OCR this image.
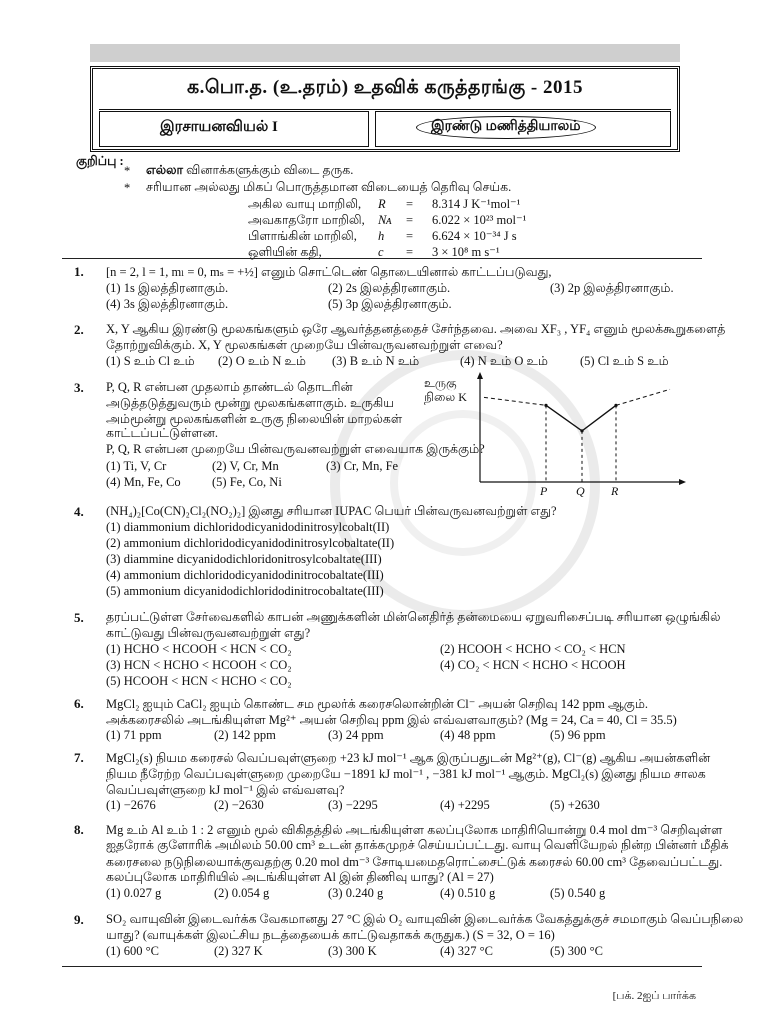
க.பொ.த. (உ.தரம்) உதவிக் கருத்தரங்கு - 2015
இரசாயனவியல் I	இரண்டு மணித்தியாலம்
குறிப்பு :
* எல்லா வினாக்களுக்கும் விடை தருக.
* சரியான அல்லது மிகப் பொருத்தமான விடையைத் தெரிவு செய்க.
அகில வாயு மாறிலி, R = 8.314 J K⁻¹mol⁻¹
அவகாதரோ மாறிலி, Nᴀ = 6.022 × 10²³ mol⁻¹
பிளாங்கின் மாறிலி, h = 6.624 × 10⁻³⁴ J s
ஒளியின் கதி,	c = 3 × 10⁸ m s⁻¹
1. [n = 2, l = 1, mₗ = 0, mₛ = +½] எனும் சொட்டெண் தொடையினால் காட்டப்படுவது,
(1) 1s இலத்திரனாகும்.	(2) 2s இலத்திரனாகும்.	(3) 2p இலத்திரனாகும்.
(4) 3s இலத்திரனாகும்.	(5) 3p இலத்திரனாகும்.
2. X, Y ஆகிய இரண்டு மூலகங்களும் ஒரே ஆவர்த்தனத்தைச் சேர்ந்தவை. அவை XF₃ , YF₄ எனும் மூலக்கூறுகளைத்
தோற்றுவிக்கும். X, Y மூலகங்கள் முறையே பின்வருவனவற்றுள் எவை?
(1) S உம் Cl உம் (2) O உம் N உம் (3) B உம் N உம்	(4) N உம் O உம்	(5) Cl உம் S உம்
3. P, Q, R என்பன முதலாம் தாண்டல் தொடரின்
அடுத்தடுத்துவரும் மூன்று மூலகங்களாகும். உருகிய
அம்மூன்று மூலகங்களின் உருகு நிலையின் மாறல்கள்
காட்டப்பட்டுள்ளன.
P, Q, R என்பன முறையே பின்வருவனவற்றுள் எவையாக இருக்கும்?
(1) Ti, V, Cr	(2) V, Cr, Mn	(3) Cr, Mn, Fe
(4) Mn, Fe, Co	(5) Fe, Co, Ni
உருகு
நிலை K
P Q R
4. (NH₄)₂[Co(CN)₂Cl₂(NO₂)₂] இனது சரியான IUPAC பெயர் பின்வருவனவற்றுள் எது?
(1) diammonium dichloridodicyanidodinitrosylcobalt(II)
(2) ammonium dichloridodicyanidodinitrosylcobaltate(II)
(3) diammine dicyanidodichloridonitrosylcobaltate(III)
(4) ammonium dichloridodicyanidodinitrocobaltate(III)
(5) ammonium dicyanidodichloridodinitrocobaltate(III)
5. தரப்பட்டுள்ள சேர்வைகளில் காபன் அணுக்களின் மின்னெதிர்த் தன்மையை ஏறுவரிசைப்படி சரியான ஒழுங்கில்
காட்டுவது பின்வருவனவற்றுள் எது?
(1) HCHO < HCOOH < HCN < CO₂	(2) HCOOH < HCHO < CO₂ < HCN
(3) HCN < HCHO < HCOOH < CO₂	(4) CO₂ < HCN < HCHO < HCOOH
(5) HCOOH < HCN < HCHO < CO₂
6. MgCl₂ ஐயும் CaCl₂ ஐயும் கொண்ட சம மூலர்க் கரைசலொன்றின் Cl⁻ அயன் செறிவு 142 ppm ஆகும்.
அக்கரைசலில் அடங்கியுள்ள Mg²⁺ அயன் செறிவு ppm இல் எவ்வளவாகும்? (Mg = 24, Ca = 40, Cl = 35.5)
(1) 71 ppm	(2) 142 ppm	(3) 24 ppm	(4) 48 ppm	(5) 96 ppm
7. MgCl₂(s) நியம கரைசல் வெப்பவுள்ளுறை +23 kJ mol⁻¹ ஆக இருப்பதுடன் Mg²⁺(g), Cl⁻(g) ஆகிய அயன்களின்
நியம நீரேற்ற வெப்பவுள்ளுறை முறையே −1891 kJ mol⁻¹ , −381 kJ mol⁻¹ ஆகும். MgCl₂(s) இனது நியம சாலக
வெப்பவுள்ளுறை kJ mol⁻¹ இல் எவ்வளவு?
(1) −2676	(2) −2630	(3) −2295	(4) +2295	(5) +2630
8. Mg உம் Al உம் 1 : 2 எனும் மூல் விகிதத்தில் அடங்கியுள்ள கலப்புலோக மாதிரியொன்று 0.4 mol dm⁻³ செறிவுள்ள
ஐதரோக் குளோரிக் அமிலம் 50.00 cm³ உடன் தாக்கமுறச் செய்யப்பட்டது. வாயு வெளியேறல் நின்ற பின்னர் மீதிக்
கரைசலை நடுநிலையாக்குவதற்கு 0.20 mol dm⁻³ சோடியமைதரொட்சைட்டுக் கரைசல் 60.00 cm³ தேவைப்பட்டது.
கலப்புலோக மாதிரியில் அடங்கியுள்ள Al இன் திணிவு யாது? (Al = 27)
(1) 0.027 g	(2) 0.054 g	(3) 0.240 g	(4) 0.510 g	(5) 0.540 g
9. SO₂ வாயுவின் இடைவர்க்க வேகமானது 27 °C இல் O₂ வாயுவின் இடைவர்க்க வேகத்துக்குச் சமமாகும் வெப்பநிலை
யாது? (வாயுக்கள் இலட்சிய நடத்தையைக் காட்டுவதாகக் கருதுக.) (S = 32, O = 16)
(1) 600 °C	(2) 327 K	(3) 300 K	(4) 327 °C	(5) 300 °C
[பக். 2ஐப் பார்க்க
